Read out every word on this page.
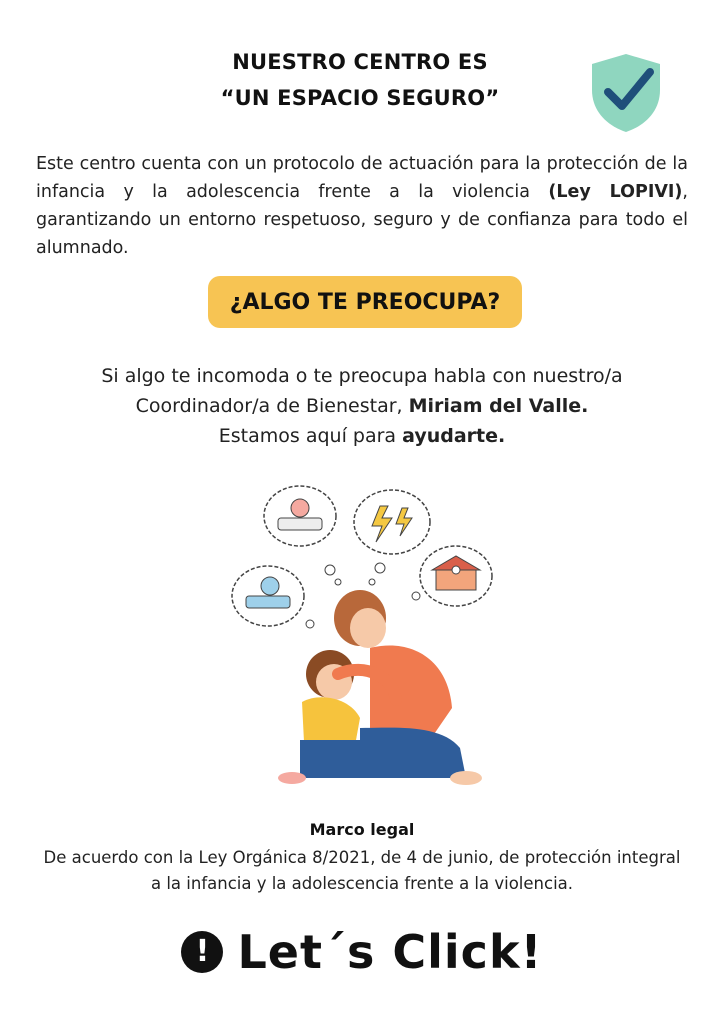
NUESTRO CENTRO ES
“UN ESPACIO SEGURO”
Este centro cuenta con un protocolo de actuación para la protección de la infancia y la adolescencia frente a la violencia (Ley LOPIVI), garantizando un entorno respetuoso, seguro y de confianza para todo el alumnado.
¿ALGO TE PREOCUPA?
Si algo te incomoda o te preocupa habla con nuestro/a
Coordinador/a de Bienestar, Miriam del Valle.
Estamos aquí para ayudarte.
Marco legal
De acuerdo con la Ley Orgánica 8/2021, de 4 de junio, de protección integral a la infancia y la adolescencia frente a la violencia.
! Let´s Click!
